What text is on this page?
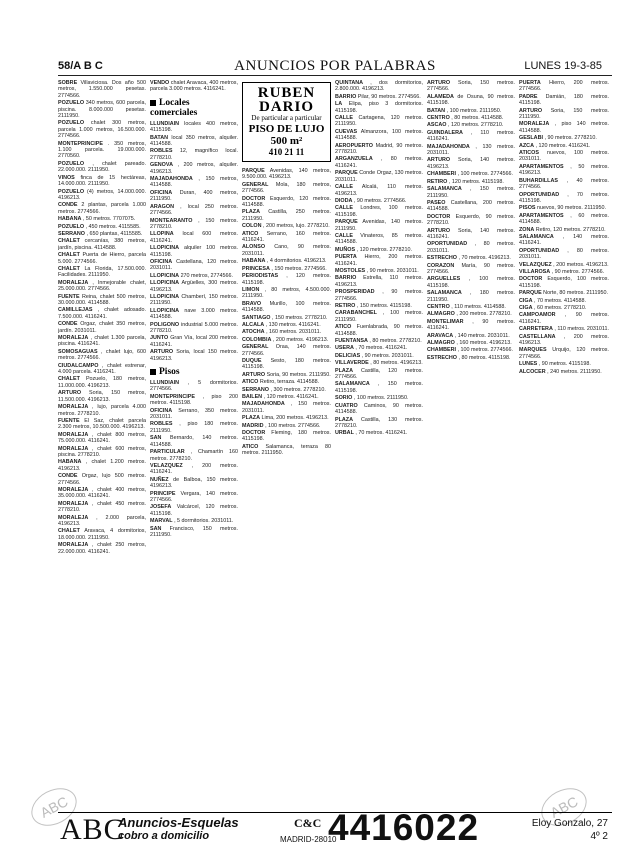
58/A B C	ANUNCIOS POR PALABRAS	LUNES 19-3-85

SOBRE Villaviciosa. Dos año 500 metros, 1.550.000 pesetas. 2774566.

POZUELO 340 metros, 600 parcela, piscina. 8.000.000 pesetas. 2111950.

POZUELO chalet 300 metros, parcela 1.000 metros, 16.500.000. 2774566.

MONTEPRINCIPE . 350 metros, 1.100 parcela. 19.000.000. 2770560.

POZUELO , chalet pareado. 22.000.000. 2111950.

VINOS finca de 15 hectáreas, 14.000.000. 2111950.

POZUELO (4) metros, 14.000.000. 4196213.

CONDE 2 plantas, parcela 1.000 metros. 2774566.

HABANA , 50 metros. 7707075.

POZUELO , 450 metros. 4115585.

SERRANO , 650 plantas, 4115585.

CHALET cercanías, 380 metros, jardín, piscina. 4114588.

CHALET Puerta de Hierro, parcela 5.000. 2774566.

CHALET La Florida, 17.500.000. Facilidades. 2111950.

MORALEJA , Inmejorable chalet, 25.000.000. 2774566.

FUENTE Reina, chalet 500 metros, 30.000.000. 4114588.

CAMILLEJAS , chalet adosado. 7.500.000. 4116241.

CONDE Orgaz, chalet 350 metros, jardín. 2031011.

MORALEJA , chalet 1.300 parcela, piscina. 4116241.

SOMOSAGUAS , chalet lujo, 600 metros. 2774566.

CIUDALCAMPO , chalet estrenar, 4.000 parcela. 4116241.

CHALET Pozuelo, 180 metros, 11.000.000. 4196213.

ARTURO Soria, 150 metros, 11.500.000. 4196213.

MORALEJA , lujo, parcela 4.000 metros. 2778210.

FUENTE El Saz, chalet parcela 2.300 metros, 10.500.000. 4196213.

MORALEJA , chalet 800 metros, 75.000.000. 4116241.

MORALEJA , chalet 600 metros, piscina. 2778210.

HABANA , chalet 1.200 metros. 4196213.

CONDE Orgaz, lujo 500 metros. 2774566.

MORALEJA , chalet 400 metros, 35.000.000. 4116241.

MORALEJA , chalet 450 metros. 2778210.

MORALEJA , 2.000 parcela, 4196213.

CHALET Aravaca, 4 dormitorios, 18.000.000. 2111950.

MORALEJA , chalet 250 metros, 22.000.000. 4116241.

VENDO chalet Aravaca, 400 metros, parcela 3.000 metros. 4116241.

Locales comerciales

LLUNDIAIN locales 400 metros, 4115198.

BATAN local 350 metros, alquiler. 4114588.

ROBLES 12, magnífico local. 2778210.

GENOVA , 200 metros, alquiler. 4196213.

MAJADAHONDA , 150 metros, 4114588.

OFICINA Duran, 400 metros, 2111950.

ARAGON , local 250 metros. 2774566.

MONTEARANTO , 150 metros. 2778210.

LLOPINA local 600 metros. 4116241.

LLOPICINA alquiler 100 metros. 4115198.

OFICINA Castellana, 120 metros. 2031011.

LLOPICINA 270 metros, 2774566.

LLOPICINA Argüelles, 300 metros. 4196213.

LLOPICINA Chamberí, 150 metros. 2111950.

LLOPICINA nave 3.000 metros. 4114588.

POLIGONO industrial 5.000 metros. 2778210.

JUNTO Gran Vía, local 200 metros. 4116241.

ARTURO Soria, local 150 metros. 4196213.

Pisos

LLUNDIAIN , 5 dormitorios. 2774566.

MONTEPRINCIPE , piso 200 metros. 4115198.

OFICINA Serrano, 350 metros. 2031011.

ROBLES , piso 180 metros. 2111950.

SAN Bernardo, 140 metros. 4114588.

PARTICULAR , Chamartín 160 metros. 2778210.

VELAZQUEZ , 200 metros. 4116241.

NUÑEZ de Balboa, 150 metros. 4196213.

PRINCIPE Vergara, 140 metros. 2774566.

JOSEFA Valcárcel, 120 metros. 4115198.

MARVAL , 5 dormitorios. 2031011.

SAN Francisco, 150 metros. 2111950.

RUBEN DARIO
De particular a particular
PISO DE LUJO
500 m²
410 21 11

PARQUE Avenidas, 140 metros, 9.500.000. 4196213.

GENERAL Mola, 180 metros, 2774566.

DOCTOR Esquerdo, 120 metros. 4114588.

PLAZA Castilla, 250 metros. 2111950.

COLON , 200 metros, lujo. 2778210.

ATICO Serrano, 160 metros. 4116241.

ALONSO Cano, 90 metros. 2031011.

HABANA , 4 dormitorios. 4196213.

PRINCESA , 150 metros. 2774566.

PERIODISTAS , 120 metros. 4115198.

LIMON , 80 metros, 4.500.000. 2111950.

BRAVO Murillo, 100 metros. 4114588.

SANTIAGO , 150 metros. 2778210.

ALCALA , 130 metros. 4116241.

ATOCHA , 160 metros. 2031011.

COLOMBIA , 200 metros. 4196213.

GENERAL Oraa, 140 metros. 2774566.

DUQUE Sesto, 180 metros. 4115198.

ARTURO Soria, 90 metros. 2111950.

ATICO Retiro, terraza. 4114588.

SERRANO , 300 metros. 2778210.

BAILEN , 120 metros. 4116241.

MAJADAHONDA , 150 metros. 2031011.

PLAZA Lima, 200 metros. 4196213.

MADRID , 100 metros. 2774566.

DOCTOR Fleming, 180 metros. 4115198.

ATICO Salamanca, terraza 80 metros. 2111950.

QUINTANA , dos dormitorios, 2.800.000. 4196213.

BARRIO Pilar, 90 metros. 2774566.

LA Elipa, piso 3 dormitorios. 4115198.

CALLE Cartagena, 120 metros. 2111950.

CUEVAS Almanzora, 100 metros. 4114588.

AEROPUERTO Madrid, 90 metros. 2778210.

ARGANZUELA , 80 metros. 4116241.

PARQUE Conde Orgaz, 130 metros. 2031011.

CALLE Alcalá, 110 metros. 4196213.

DIODA , 90 metros. 2774566.

CALLE Londres, 100 metros. 4115198.

PARQUE Avenidas, 140 metros. 2111950.

CALLE Vinateros, 85 metros. 4114588.

MUÑOS , 120 metros. 2778210.

PUERTA Hierro, 200 metros. 4116241.

MOSTOLES , 90 metros. 2031011.

BARRIO Estrella, 110 metros. 4196213.

PROSPERIDAD , 90 metros. 2774566.

RETIRO , 150 metros. 4115198.

CARABANCHEL , 100 metros. 2111950.

ATICO Fuenlabrada, 90 metros. 4114588.

FUENTANSA , 80 metros. 2778210.

USERA , 70 metros. 4116241.

DELICIAS , 90 metros. 2031011.

VILLAVERDE , 80 metros. 4196213.

PLAZA Castilla, 120 metros. 2774566.

SALAMANCA , 150 metros. 4115198.

SORIO , 100 metros. 2111950.

CUATRO Caminos, 90 metros. 4114588.

PLAZA Castilla, 130 metros. 2778210.

URBAL , 70 metros. 4116241.

ARTURO Soria, 150 metros. 2774566.

ALAMEDA de Osuna, 90 metros. 4115198.

BATAN , 100 metros. 2111950.

CENTRO , 80 metros. 4114588.

ASCAO , 120 metros. 2778210.

GUINDALERA , 110 metros. 4116241.

MAJADAHONDA , 130 metros. 2031011.

ARTURO Soria, 140 metros. 4196213.

CHAMBERI , 100 metros. 2774566.

RETIRO , 120 metros. 4115198.

SALAMANCA , 150 metros. 2111950.

PASEO Castellana, 200 metros. 4114588.

DOCTOR Esquerdo, 90 metros. 2778210.

ARTURO Soria, 140 metros. 4116241.

OPORTUNIDAD , 80 metros. 2031011.

ESTRECHO , 70 metros. 4196213.

CORAZON María, 90 metros. 2774566.

ARGUELLES , 100 metros. 4115198.

SALAMANCA , 180 metros. 2111950.

CENTRO , 110 metros. 4114588.

ALMAGRO , 200 metros. 2778210.

MONTELIMAR , 90 metros. 4116241.

ARAVACA , 140 metros. 2031011.

ALMAGRO , 160 metros. 4196213.

CHAMBERI , 100 metros. 2774566.

ESTRECHO , 80 metros. 4115198.

PUERTA Hierro, 200 metros. 2774566.

PADRE Damián, 180 metros. 4115198.

ARTURO Soria, 150 metros. 2111950.

MORALEJA , piso 140 metros. 4114588.

GESLABI , 90 metros. 2778210.

AZCA , 120 metros. 4116241.

ATICOS nuevos, 100 metros. 2031011.

APARTAMENTOS , 50 metros. 4196213.

BUHARDILLAS , 40 metros. 2774566.

OPORTUNIDAD , 70 metros. 4115198.

PISOS nuevos, 90 metros. 2111950.

APARTAMENTOS , 60 metros. 4114588.

ZONA Retiro, 120 metros. 2778210.

SALAMANCA , 140 metros. 4116241.

OPORTUNIDAD , 80 metros. 2031011.

VELAZQUEZ , 200 metros. 4196213.

VILLAROSA , 90 metros. 2774566.

DOCTOR Esquerdo, 100 metros. 4115198.

PARQUE Norte, 80 metros. 2111950.

CIGA , 70 metros. 4114588.

CIGA , 60 metros. 2778210.

CAMPOAMOR , 90 metros. 4116241.

CARRETERA , 110 metros. 2031011.

CASTELLANA , 200 metros. 4196213.

MARQUES Urquijo, 120 metros. 2774566.

LUNES , 90 metros. 4115198.

ALCOCER , 240 metros. 2111950.

ABC	ABC
ABC
Anuncios-Esquelas
cobro a domicilio
C&C
MADRID-28010
4416022	Eloy Gonzalo, 27
4º 2
